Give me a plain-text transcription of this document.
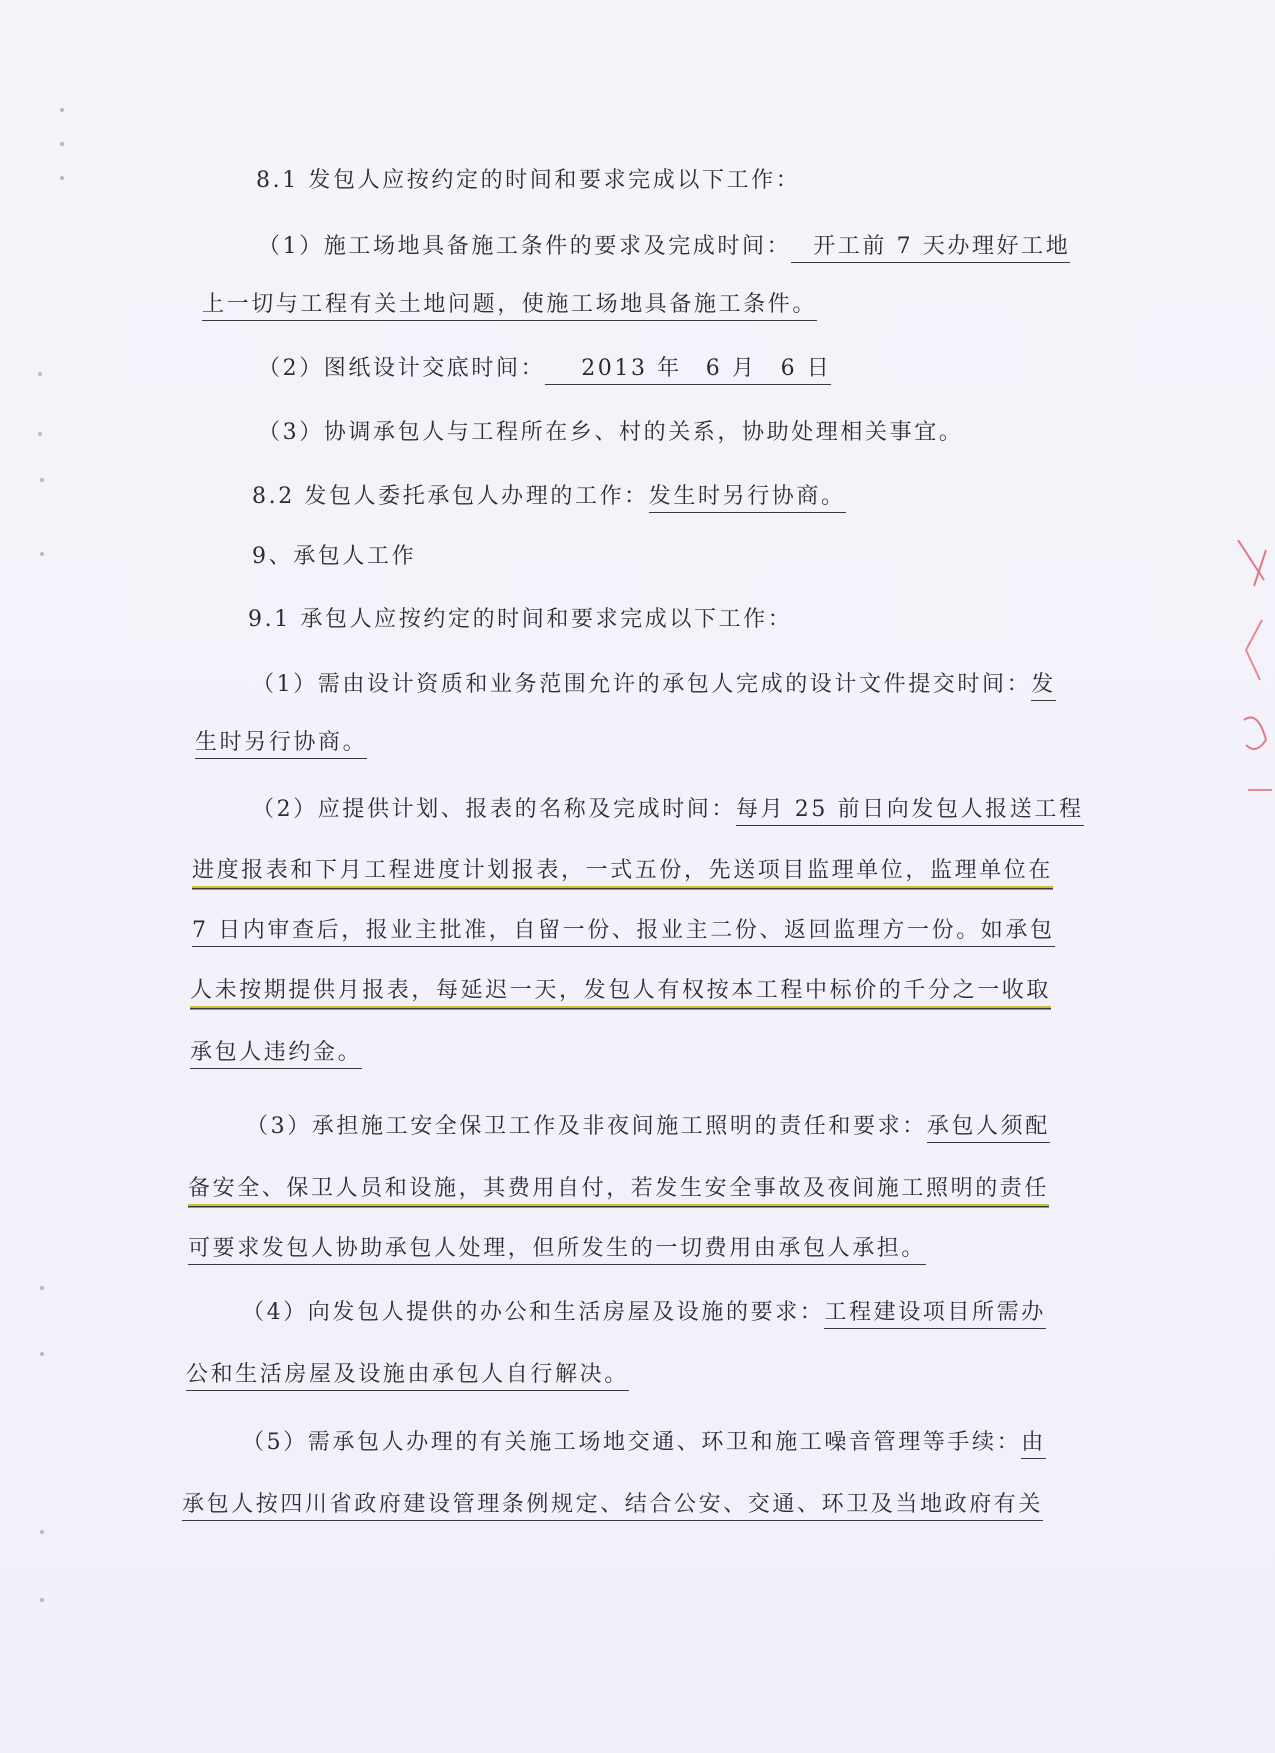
8.1 发包人应按约定的时间和要求完成以下工作：
（1）施工场地具备施工条件的要求及完成时间： 开工前 7 天办理好工地
上一切与工程有关土地问题，使施工场地具备施工条件。
（2）图纸设计交底时间： 2013 年 6 月 6 日
（3）协调承包人与工程所在乡、村的关系，协助处理相关事宜。
8.2 发包人委托承包人办理的工作：发生时另行协商。
9、承包人工作
9.1 承包人应按约定的时间和要求完成以下工作：
（1）需由设计资质和业务范围允许的承包人完成的设计文件提交时间：发
生时另行协商。
（2）应提供计划、报表的名称及完成时间：每月 25 前日向发包人报送工程
进度报表和下月工程进度计划报表，一式五份，先送项目监理单位，监理单位在
7 日内审查后，报业主批准，自留一份、报业主二份、返回监理方一份。如承包
人未按期提供月报表，每延迟一天，发包人有权按本工程中标价的千分之一收取
承包人违约金。
（3）承担施工安全保卫工作及非夜间施工照明的责任和要求：承包人须配
备安全、保卫人员和设施，其费用自付，若发生安全事故及夜间施工照明的责任
可要求发包人协助承包人处理，但所发生的一切费用由承包人承担。
（4）向发包人提供的办公和生活房屋及设施的要求：工程建设项目所需办
公和生活房屋及设施由承包人自行解决。
（5）需承包人办理的有关施工场地交通、环卫和施工噪音管理等手续：由
承包人按四川省政府建设管理条例规定、结合公安、交通、环卫及当地政府有关
